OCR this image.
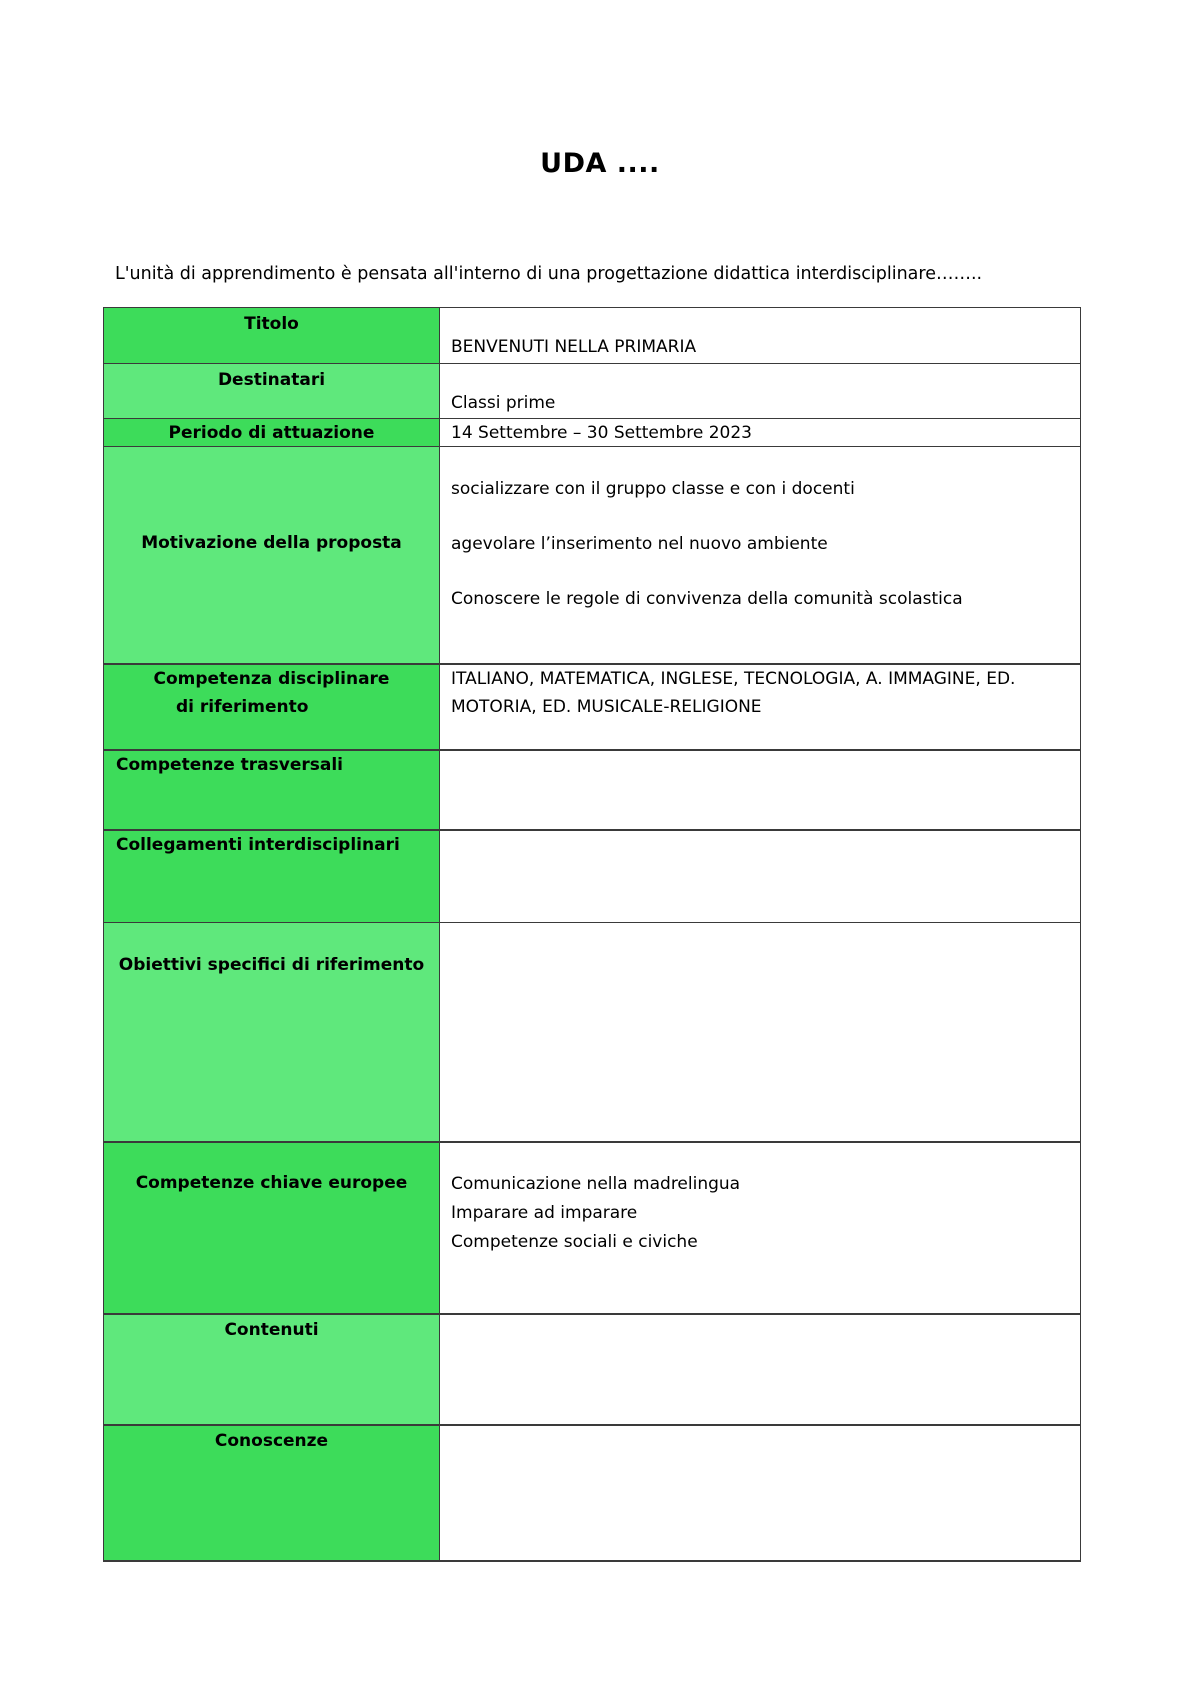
UDA ....
L'unità di apprendimento è pensata all'interno di una progettazione didattica interdisciplinare……..
Titolo	BENVENUTI NELLA PRIMARIA
Destinatari	Classi prime
Periodo di attuazione	14 Settembre – 30 Settembre 2023
Motivazione della proposta	socializzare con il gruppo classe e con i docenti
agevolare l’inserimento nel nuovo ambiente
Conoscere le regole di convivenza della comunità scolastica

Competenza disciplinare
di riferimento	ITALIANO, MATEMATICA, INGLESE, TECNOLOGIA, A. IMMAGINE, ED. MOTORIA, ED. MUSICALE-RELIGIONE
Competenze trasversali	
Collegamenti interdisciplinari	
Obiettivi specifici di riferimento	
Competenze chiave europee	Comunicazione nella madrelingua
Imparare ad imparare
Competenze sociali e civiche

Contenuti	
Conoscenze	
